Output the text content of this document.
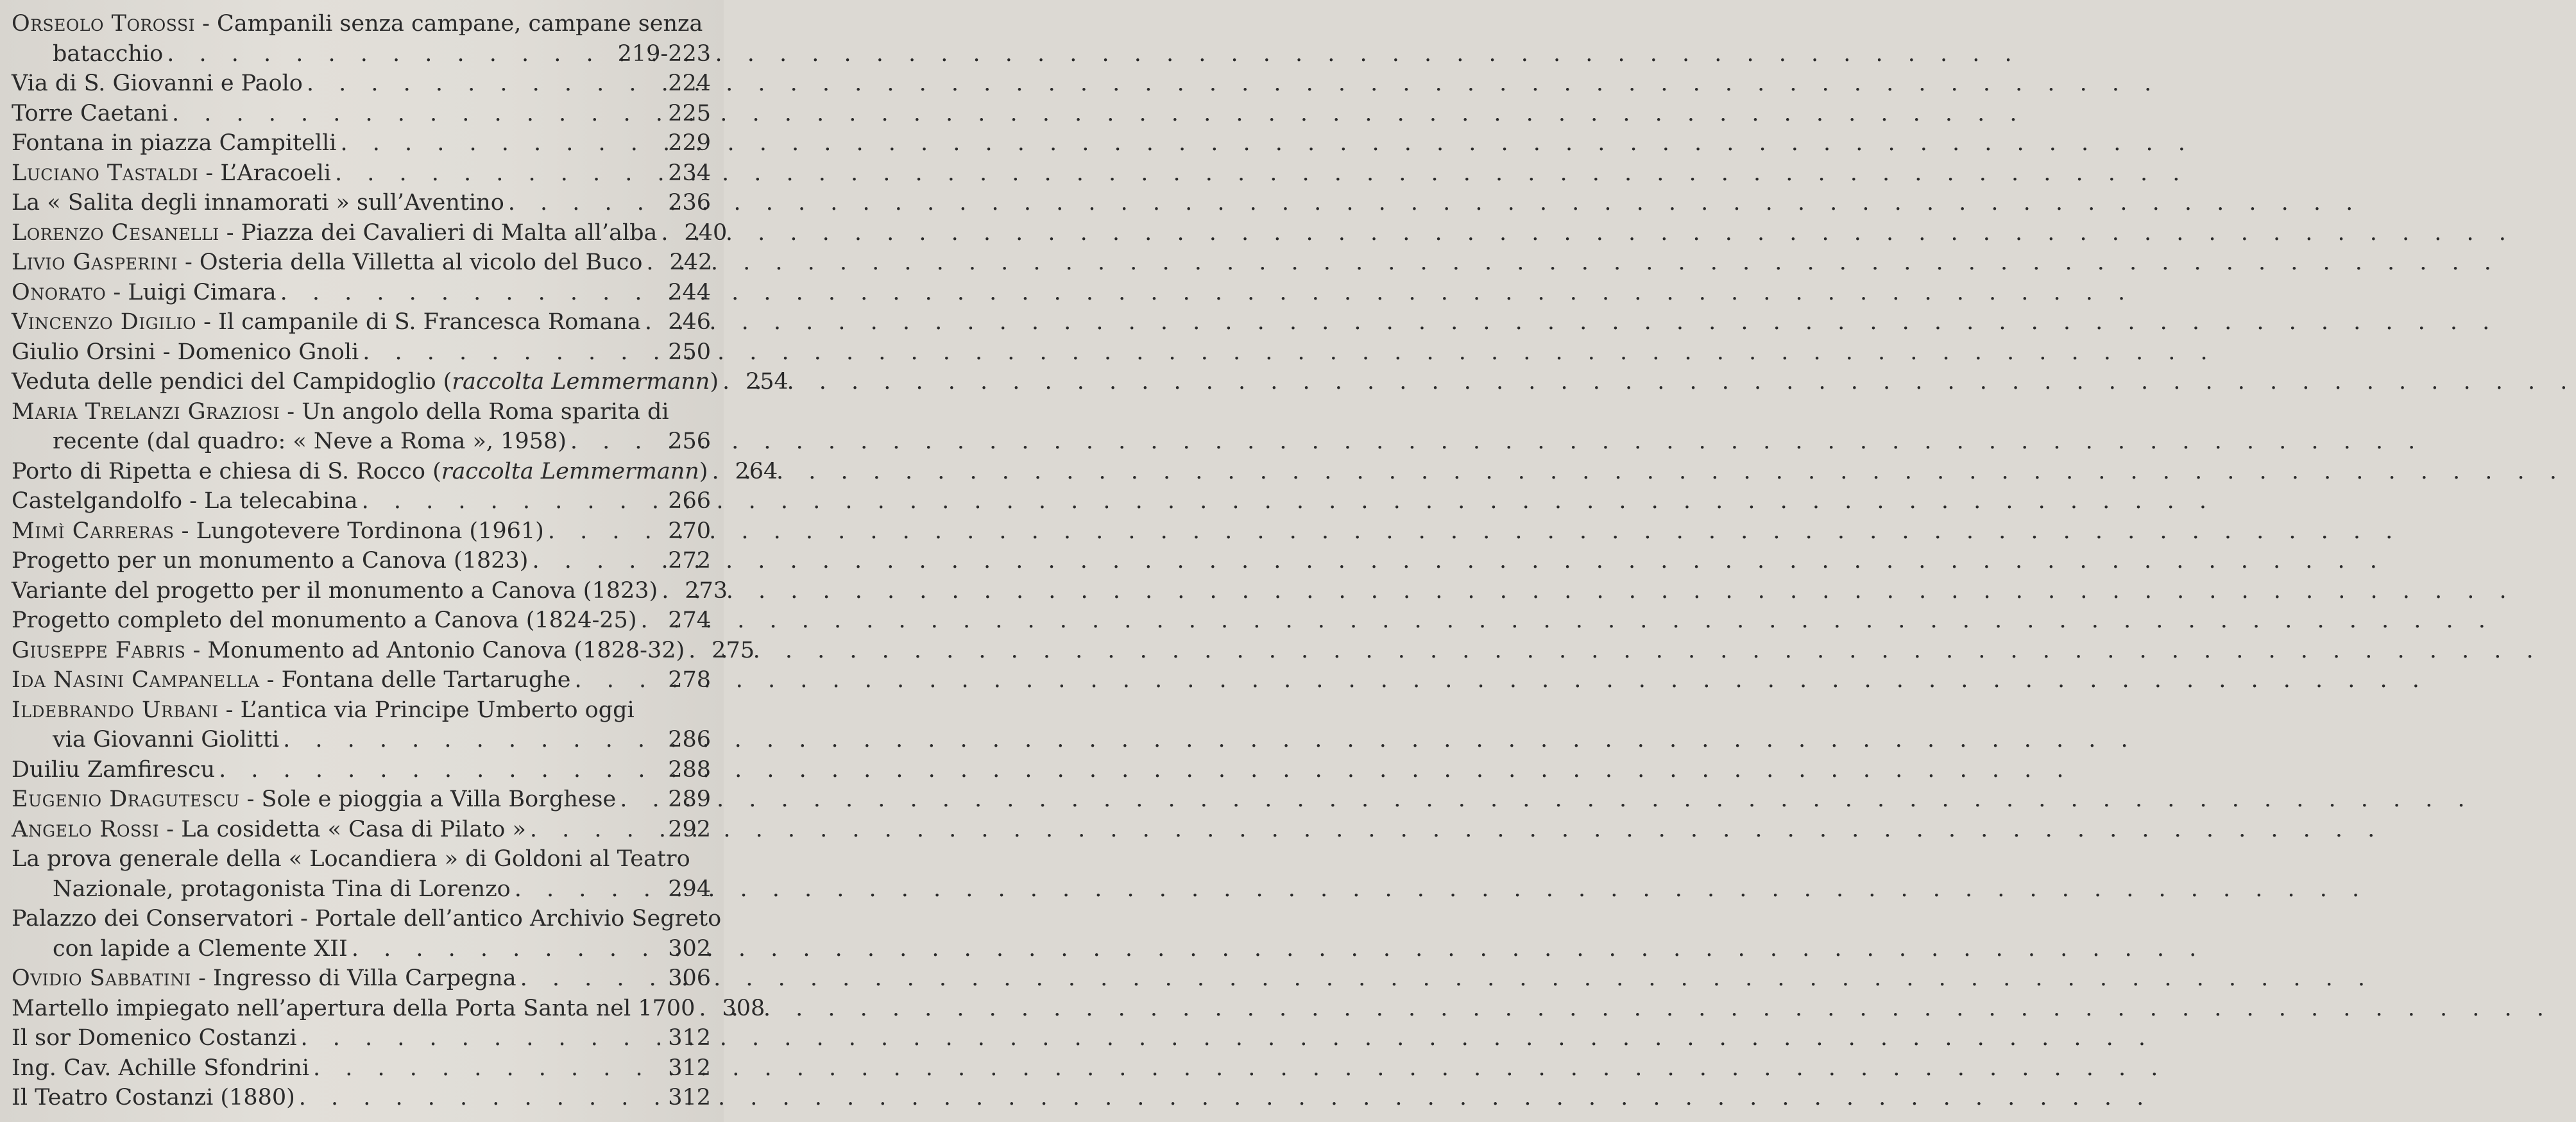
Orseolo Torossi - Campanili senza campane, campane senza
batacchio . . .	219-223
Via di S. Giovanni e Paolo . . .	224
Torre Caetani . . .	225
Fontana in piazza Campitelli . . .	229
Luciano Tastaldi - L’Aracoeli . . .	234
La « Salita degli innamorati » sull’Aventino . . .	236
Lorenzo Cesanelli - Piazza dei Cavalieri di Malta all’alba . . . 240
Livio Gasperini - Osteria della Villetta al vicolo del Buco . . . 242
Onorato - Luigi Cimara . . .	244
Vincenzo Digilio - Il campanile di S. Francesca Romana . . . 246
Giulio Orsini - Domenico Gnoli . . .	250
Veduta delle pendici del Campidoglio (raccolta Lemmermann) . . . 254
Maria Trelanzi Graziosi - Un angolo della Roma sparita di
recente (dal quadro: « Neve a Roma », 1958) . . .	256
Porto di Ripetta e chiesa di S. Rocco (raccolta Lemmermann) . . . 264
Castelgandolfo - La telecabina . . .	266
Mimì Carreras - Lungotevere Tordinona (1961) . . .	270
Progetto per un monumento a Canova (1823) . . .	272
Variante del progetto per il monumento a Canova (1823) . . . 273
Progetto completo del monumento a Canova (1824-25) . . . 274
Giuseppe Fabris - Monumento ad Antonio Canova (1828-32) . . . 275
Ida Nasini Campanella - Fontana delle Tartarughe . . .	278
Ildebrando Urbani - L’antica via Principe Umberto oggi
via Giovanni Giolitti . . .	286
Duiliu Zamfirescu . . .	288
Eugenio Dragutescu - Sole e pioggia a Villa Borghese . . . 289
Angelo Rossi - La cosidetta « Casa di Pilato » . . .	292
La prova generale della « Locandiera » di Goldoni al Teatro
Nazionale, protagonista Tina di Lorenzo . . .	294
Palazzo dei Conservatori - Portale dell’antico Archivio Segreto
con lapide a Clemente XII . . .	302
Ovidio Sabbatini - Ingresso di Villa Carpegna . . .	306
Martello impiegato nell’apertura della Porta Santa nel 1700 . . . 308
Il sor Domenico Costanzi . . .	312
Ing. Cav. Achille Sfondrini . . .	312
Il Teatro Costanzi (1880) . . .	312
